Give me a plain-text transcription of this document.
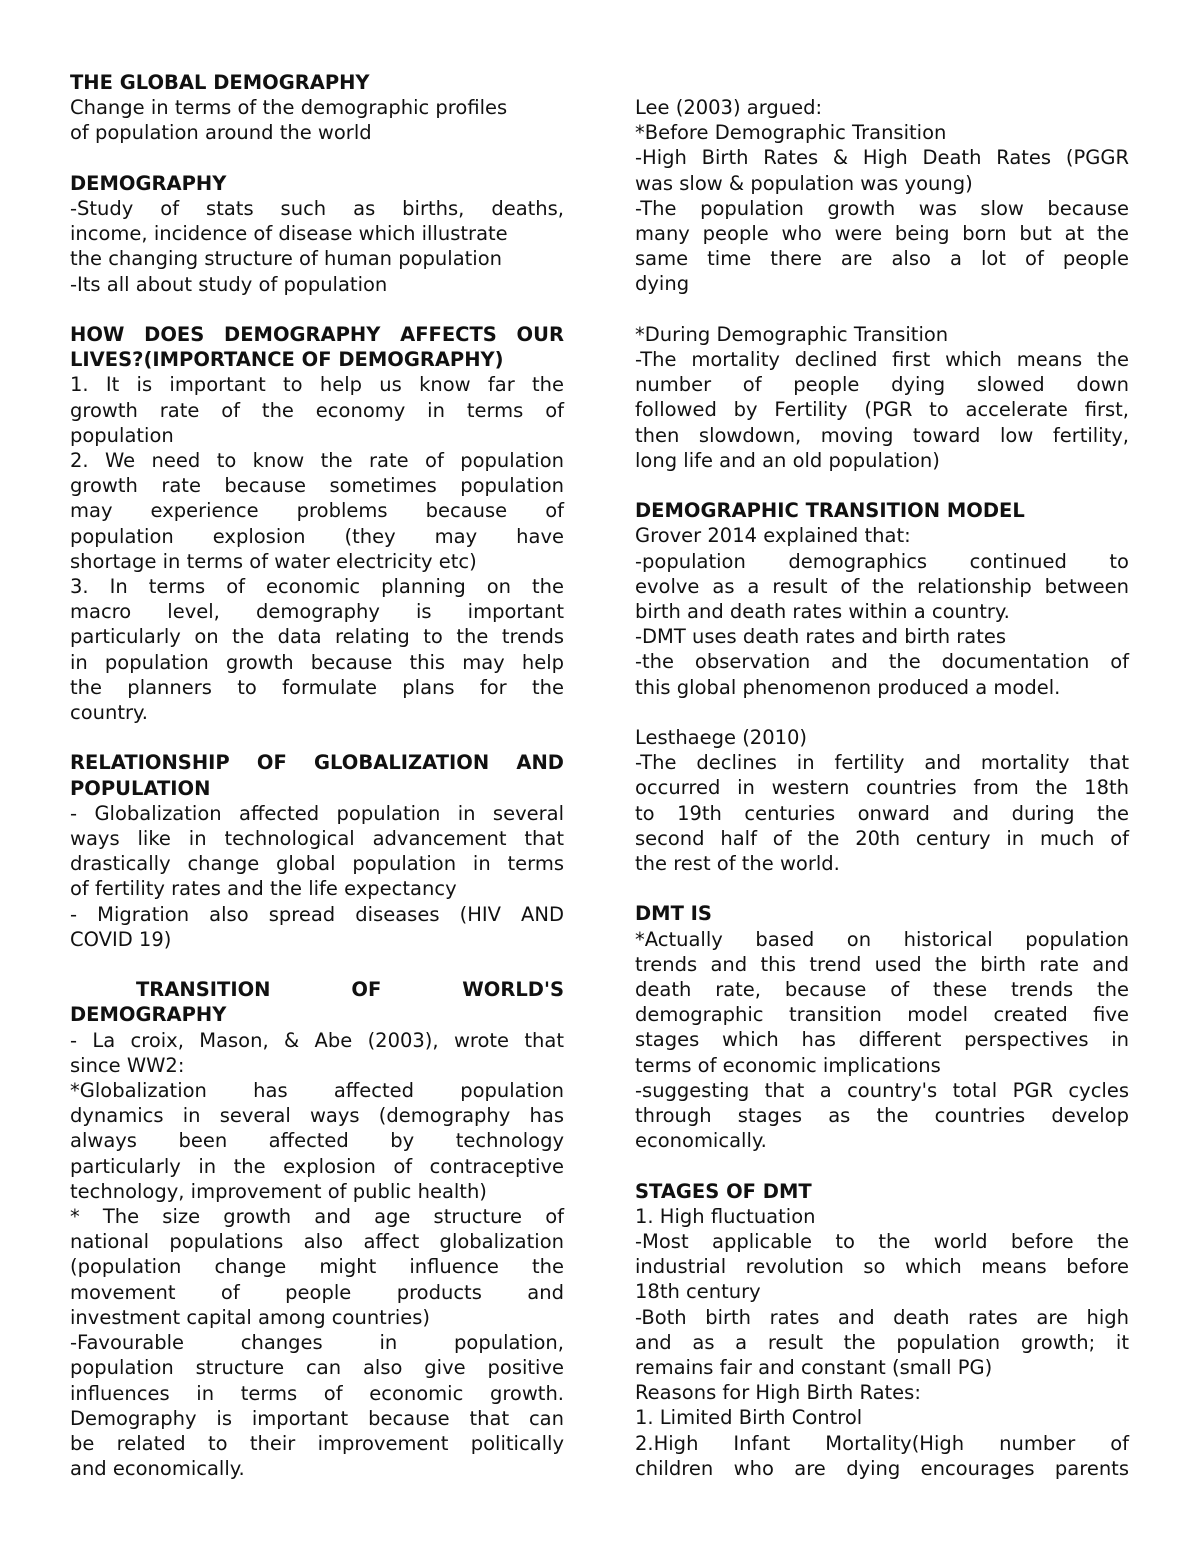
THE GLOBAL DEMOGRAPHY

Change in terms of the demographic profiles

of population around the world

DEMOGRAPHY

-Study of stats such as births, deaths,

income, incidence of disease which illustrate

the changing structure of human population

-Its all about study of population

HOW DOES DEMOGRAPHY AFFECTS OUR

LIVES?(IMPORTANCE OF DEMOGRAPHY)

1. It is important to help us know far the

growth rate of the economy in terms of

population

2. We need to know the rate of population

growth rate because sometimes population

may experience problems because of

population explosion (they may have

shortage in terms of water electricity etc)

3. In terms of economic planning on the

macro level, demography is important

particularly on the data relating to the trends

in population growth because this may help

the planners to formulate plans for the

country.

RELATIONSHIP OF GLOBALIZATION AND

POPULATION

- Globalization affected population in several

ways like in technological advancement that

drastically change global population in terms

of fertility rates and the life expectancy

- Migration also spread diseases (HIV AND

COVID 19)

TRANSITION OF WORLD'S

DEMOGRAPHY

- La croix, Mason, & Abe (2003), wrote that

since WW2:

*Globalization has affected population

dynamics in several ways (demography has

always been affected by technology

particularly in the explosion of contraceptive

technology, improvement of public health)

* The size growth and age structure of

national populations also affect globalization

(population change might influence the

movement of people products and

investment capital among countries)

-Favourable changes in population,

population structure can also give positive

influences in terms of economic growth.

Demography is important because that can

be related to their improvement politically

and economically.

Lee (2003) argued:

*Before Demographic Transition

-High Birth Rates & High Death Rates (PGGR

was slow & population was young)

-The population growth was slow because

many people who were being born but at the

same time there are also a lot of people

dying

*During Demographic Transition

-The mortality declined first which means the

number of people dying slowed down

followed by Fertility (PGR to accelerate first,

then slowdown, moving toward low fertility,

long life and an old population)

DEMOGRAPHIC TRANSITION MODEL

Grover 2014 explained that:

-population demographics continued to

evolve as a result of the relationship between

birth and death rates within a country.

-DMT uses death rates and birth rates

-the observation and the documentation of

this global phenomenon produced a model.

Lesthaege (2010)

-The declines in fertility and mortality that

occurred in western countries from the 18th

to 19th centuries onward and during the

second half of the 20th century in much of

the rest of the world.

DMT IS

*Actually based on historical population

trends and this trend used the birth rate and

death rate, because of these trends the

demographic transition model created five

stages which has different perspectives in

terms of economic implications

-suggesting that a country's total PGR cycles

through stages as the countries develop

economically.

STAGES OF DMT

1. High fluctuation

-Most applicable to the world before the

industrial revolution so which means before

18th century

-Both birth rates and death rates are high

and as a result the population growth; it

remains fair and constant (small PG)

Reasons for High Birth Rates:

1. Limited Birth Control

2.High Infant Mortality(High number of

children who are dying encourages parents
